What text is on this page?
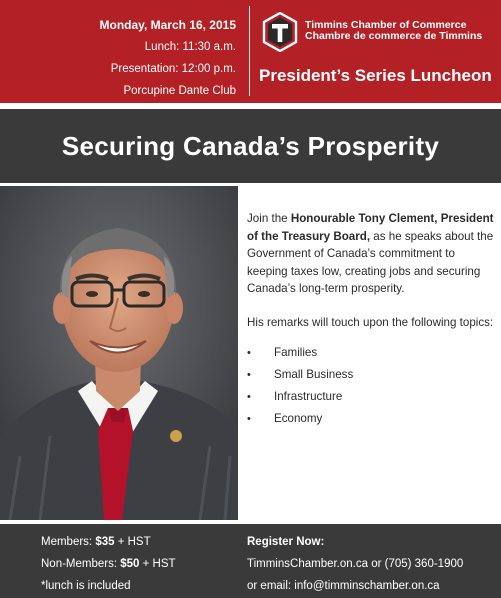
Monday, March 16, 2015
Lunch: 11:30 a.m.
Presentation: 12:00 p.m.
Porcupine Dante Club
Timmins Chamber of Commerce
Chambre de commerce de Timmins
President’s Series Luncheon
Securing Canada’s Prosperity

Join the Honourable Tony Clement, President of the Treasury Board, as he speaks about the Government of Canada’s commitment to keeping taxes low, creating jobs and securing Canada’s long-term prosperity.

His remarks will touch upon the following topics:

• Families
• Small Business
• Infrastructure
• Economy
Members: $35 + HST
Non-Members: $50 + HST
*lunch is included
Register Now:
TimminsChamber.on.ca or (705) 360-1900
or email: info@timminschamber.on.ca
